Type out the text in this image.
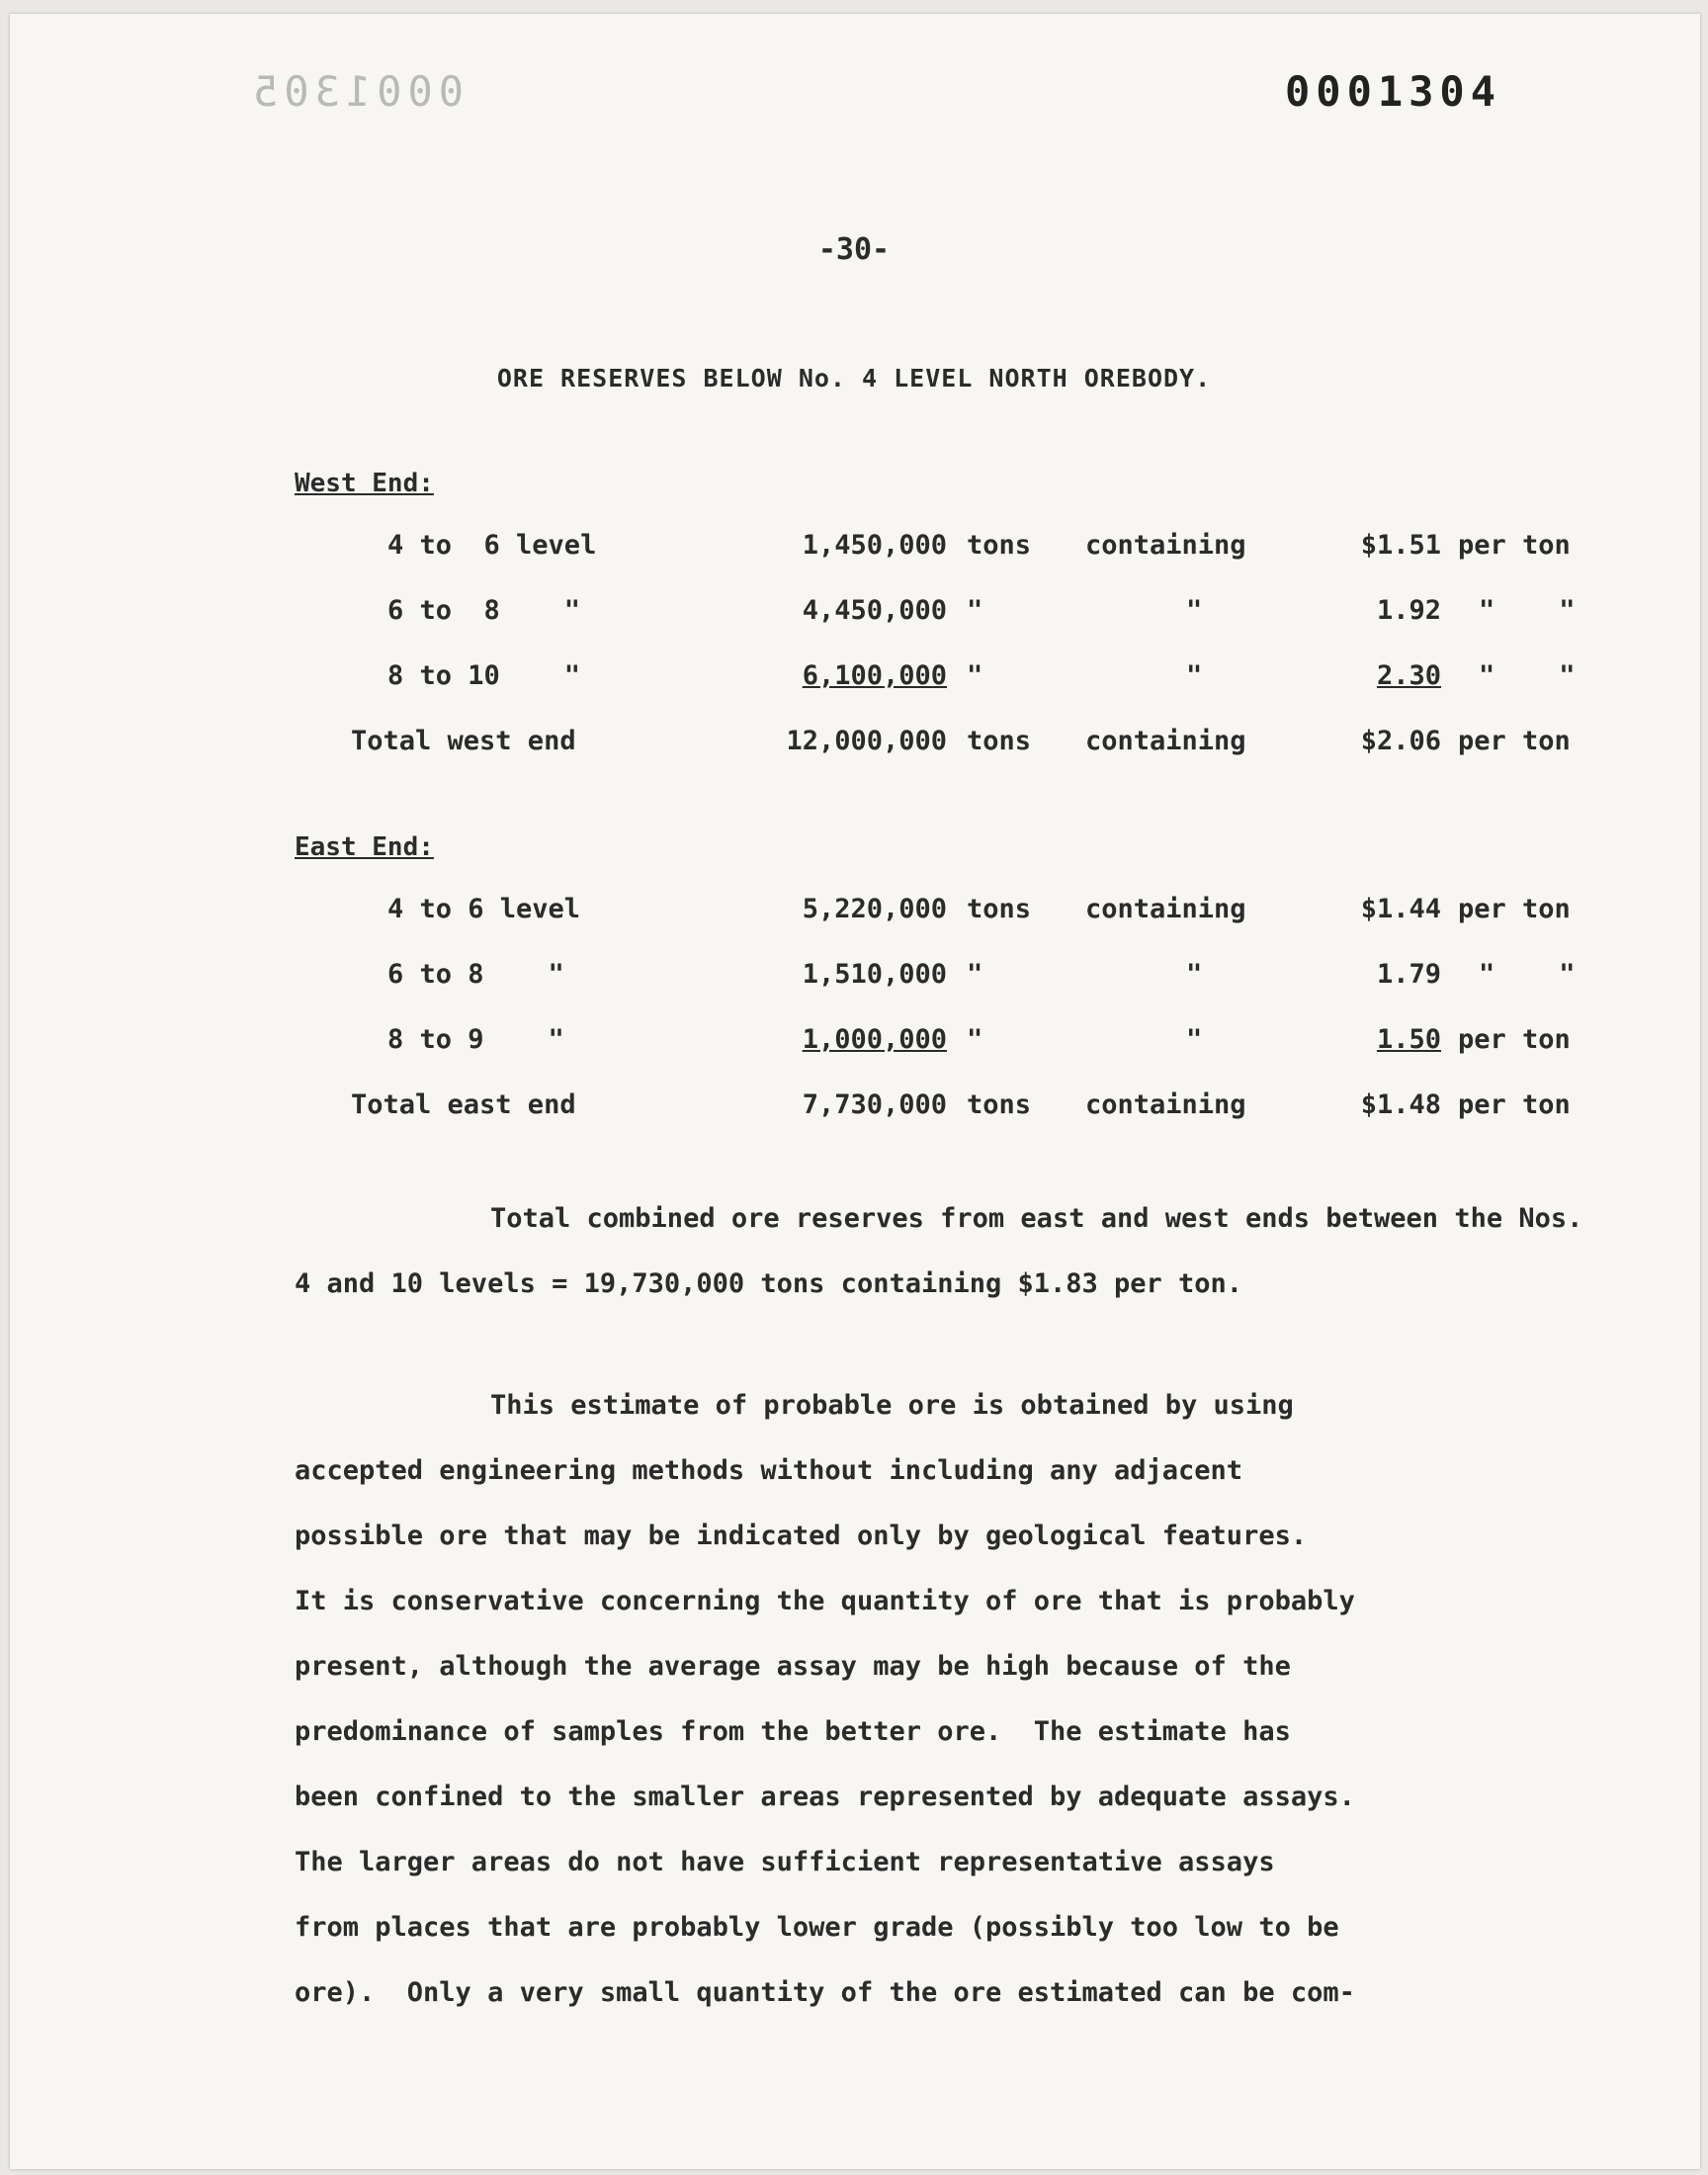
0001305	0001304
-30-
ORE RESERVES BELOW No. 4 LEVEL NORTH OREBODY.
West End:
4 to  6 level	1,450,000 tons containing	$1.51 per ton
6 to  8    "	4,450,000 "	"	1.92 "    "
8 to 10    "	6,100,000 "	"	2.30 "    "
Total west end	12,000,000 tons containing	$2.06 per ton
East End:
4 to 6 level	5,220,000 tons containing	$1.44 per ton
6 to 8    "	1,510,000 "	"	1.79 "    "
8 to 9    "	1,000,000 "	"	1.50 per ton
Total east end	7,730,000 tons containing	$1.48 per ton

Total combined ore reserves from east and west ends between the Nos. 4 and 10 levels = 19,730,000 tons containing $1.83 per ton.

This estimate of probable ore is obtained by using
accepted engineering methods without including any adjacent
possible ore that may be indicated only by geological features.
It is conservative concerning the quantity of ore that is probably
present, although the average assay may be high because of the
predominance of samples from the better ore.  The estimate has
been confined to the smaller areas represented by adequate assays.
The larger areas do not have sufficient representative assays
from places that are probably lower grade (possibly too low to be
ore).  Only a very small quantity of the ore estimated can be com-
